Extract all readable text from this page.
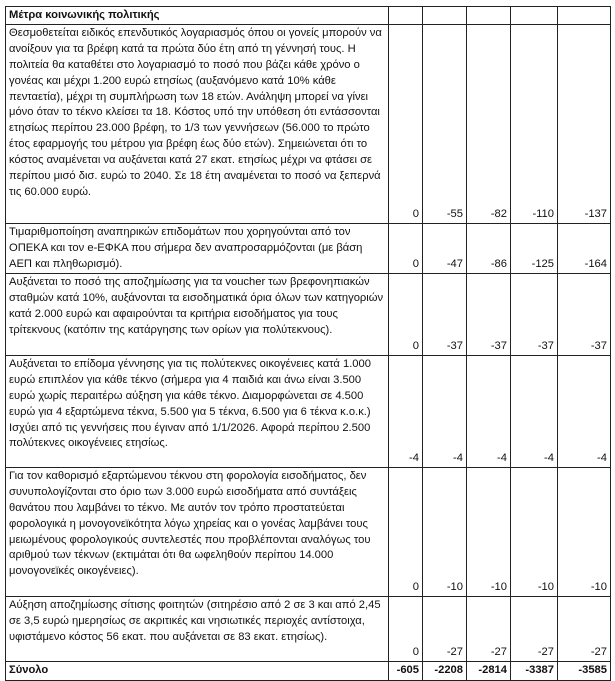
Μέτρα κοινωνικής πολιτικής					
Θεσμοθετείται ειδικός επενδυτικός λογαριασμός όπου οι γονείς μπορούν να ανοίξουν για τα βρέφη κατά τα πρώτα δύο έτη από τη γέννησή τους. Η πολιτεία θα καταθέτει στο λογαριασμό το ποσό που βάζει κάθε χρόνο ο γονέας και μέχρι 1.200 ευρώ ετησίως (αυξανόμενο κατά 10% κάθε πενταετία), μέχρι τη συμπλήρωση των 18 ετών. Ανάληψη μπορεί να γίνει μόνο όταν το τέκνο κλείσει τα 18. Κόστος υπό την υπόθεση ότι εντάσσονται ετησίως περίπου 23.000 βρέφη, το 1/3 των γεννήσεων (56.000 το πρώτο έτος εφαρμογής του μέτρου για βρέφη έως δύο ετών). Σημειώνεται ότι το κόστος αναμένεται να αυξάνεται κατά 27 εκατ. ετησίως μέχρι να φτάσει σε περίπου μισό δισ. ευρώ το 2040. Σε 18 έτη αναμένεται το ποσό να ξεπερνά τις 60.000 ευρώ.	0	-55	-82	-110	-137
Τιμαριθμοποίηση αναπηρικών επιδομάτων που χορηγούνται από τον ΟΠΕΚΑ και τον e-ΕΦΚΑ που σήμερα δεν αναπροσαρμόζονται (με βάση ΑΕΠ και πληθωρισμό).	0	-47	-86	-125	-164
Αυξάνεται το ποσό της αποζημίωσης για τα voucher των βρεφονηπιακών σταθμών κατά 10%, αυξάνονται τα εισοδηματικά όρια όλων των κατηγοριών κατά 2.000 ευρώ και αφαιρούνται τα κριτήρια εισοδήματος για τους τρίτεκνους (κατόπιν της κατάργησης των ορίων για πολύτεκνους).	0	-37	-37	-37	-37
Αυξάνεται το επίδομα γέννησης για τις πολύτεκνες οικογένειες κατά 1.000 ευρώ επιπλέον για κάθε τέκνο (σήμερα για 4 παιδιά και άνω είναι 3.500 ευρώ χωρίς περαιτέρω αύξηση για κάθε τέκνο. Διαμορφώνεται σε 4.500 ευρώ για 4 εξαρτώμενα τέκνα, 5.500 για 5 τέκνα, 6.500 για 6 τέκνα κ.ο.κ.) Ισχύει από τις γεννήσεις που έγιναν από 1/1/2026. Αφορά περίπου 2.500 πολύτεκνες οικογένειες ετησίως.	-4	-4	-4	-4	-4
Για τον καθορισμό εξαρτώμενου τέκνου στη φορολογία εισοδήματος, δεν συνυπολογίζονται στο όριο των 3.000 ευρώ εισοδήματα από συντάξεις θανάτου που λαμβάνει το τέκνο. Με αυτόν τον τρόπο προστατεύεται φορολογικά η μονογονεϊκότητα λόγω χηρείας και ο γονέας λαμβάνει τους μειωμένους φορολογικούς συντελεστές που προβλέπονται αναλόγως του αριθμού των τέκνων (εκτιμάται ότι θα ωφεληθούν περίπου 14.000 μονογονεϊκές οικογένειες).	0	-10	-10	-10	-10
Αύξηση αποζημίωσης σίτισης φοιτητών (σιτηρέσιο από 2 σε 3 και από 2,45 σε 3,5 ευρώ ημερησίως σε ακριτικές και νησιωτικές περιοχές αντίστοιχα, υφιστάμενο κόστος 56 εκατ. που αυξάνεται σε 83 εκατ. ετησίως).	0	-27	-27	-27	-27
Σύνολο	-605	-2208	-2814	-3387	-3585
